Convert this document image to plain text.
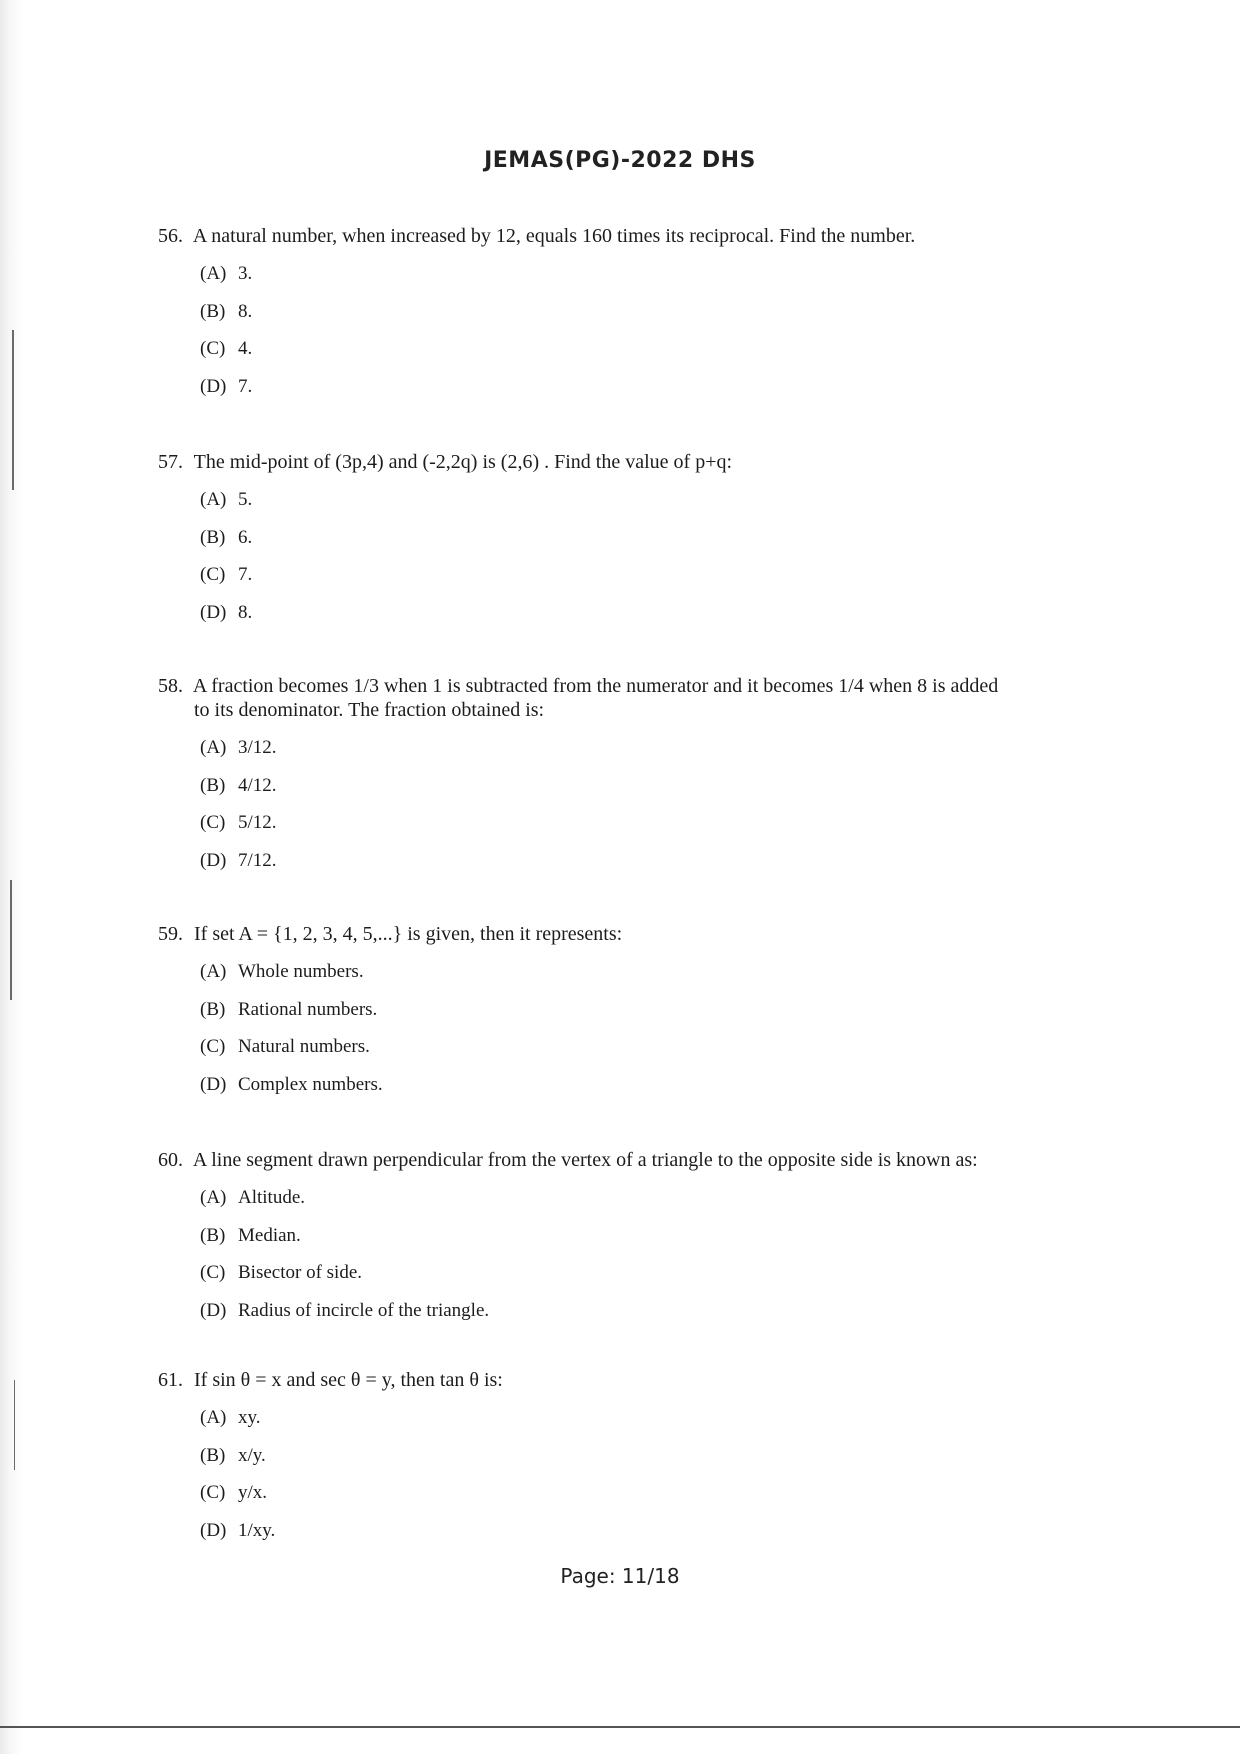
JEMAS(PG)-2022 DHS

56. A natural number, when increased by 12, equals 160 times its reciprocal. Find the number.

(A) 3.
(B) 8.
(C) 4.
(D) 7.

57. The mid-point of (3p,4) and (-2,2q) is (2,6) . Find the value of p+q:

(A) 5.
(B) 6.
(C) 7.
(D) 8.

58. A fraction becomes 1/3 when 1 is subtracted from the numerator and it becomes 1/4 when 8 is added
to its denominator. The fraction obtained is:

(A) 3/12.
(B) 4/12.
(C) 5/12.
(D) 7/12.

59. If set A = {1, 2, 3, 4, 5,...} is given, then it represents:

(A) Whole numbers.
(B) Rational numbers.
(C) Natural numbers.
(D) Complex numbers.

60. A line segment drawn perpendicular from the vertex of a triangle to the opposite side is known as:

(A) Altitude.
(B) Median.
(C) Bisector of side.
(D) Radius of incircle of the triangle.

61. If sin θ = x and sec θ = y, then tan θ is:

(A) xy.
(B) x/y.
(C) y/x.
(D) 1/xy.
Page: 11/18
